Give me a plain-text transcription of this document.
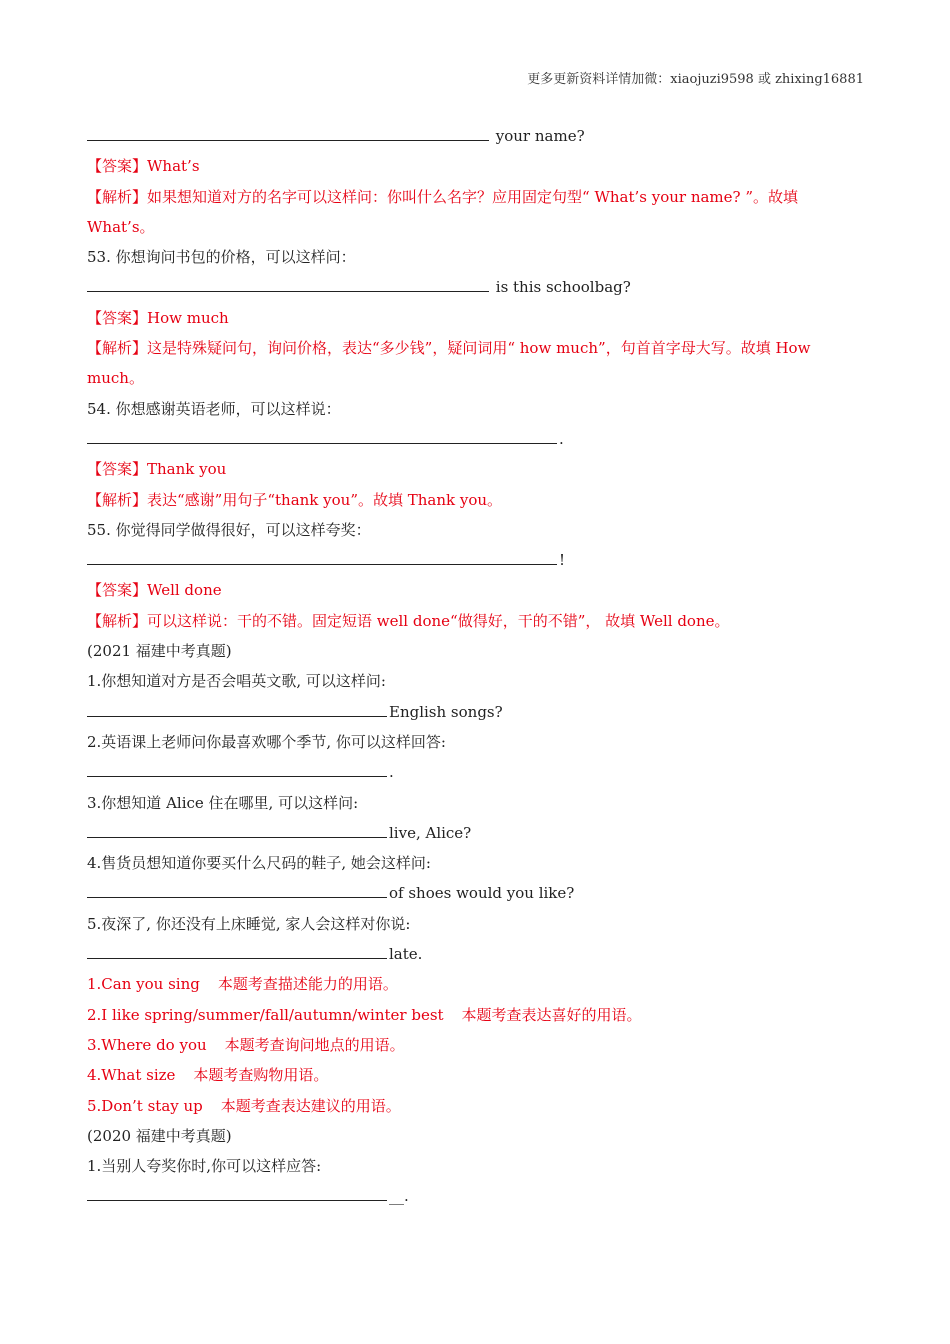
更多更新资料详情加微：xiaojuzi9598 或 zhixing16881
your name?
【答案】What’s
【解析】如果想知道对方的名字可以这样问：你叫什么名字？应用固定句型“ What’s your name? ”。故填 What’s。
53. 你想询问书包的价格，可以这样问：
is this schoolbag?
【答案】How much
【解析】这是特殊疑问句，询问价格，表达“多少钱”，疑问词用“ how much”，句首首字母大写。故填 How much。
54. 你想感谢英语老师，可以这样说：
.
【答案】Thank you
【解析】表达“感谢”用句子“thank you”。故填 Thank you。
55. 你觉得同学做得很好，可以这样夸奖：
!
【答案】Well done
【解析】可以这样说：干的不错。固定短语 well done“做得好，干的不错”， 故填 Well done。
(2021 福建中考真题)
1.你想知道对方是否会唱英文歌, 可以这样问:
English songs?
2.英语课上老师问你最喜欢哪个季节, 你可以这样回答:
.
3.你想知道 Alice 住在哪里, 可以这样问:
live, Alice?
4.售货员想知道你要买什么尺码的鞋子, 她会这样问:
of shoes would you like?
5.夜深了, 你还没有上床睡觉, 家人会这样对你说:
late.
1.Can you sing 本题考查描述能力的用语。
2.I like spring/summer/fall/autumn/winter best 本题考查表达喜好的用语。
3.Where do you 本题考查询问地点的用语。
4.What size 本题考查购物用语。
5.Don’t stay up 本题考查表达建议的用语。
(2020 福建中考真题)
1.当别人夸奖你时,你可以这样应答:
__.
